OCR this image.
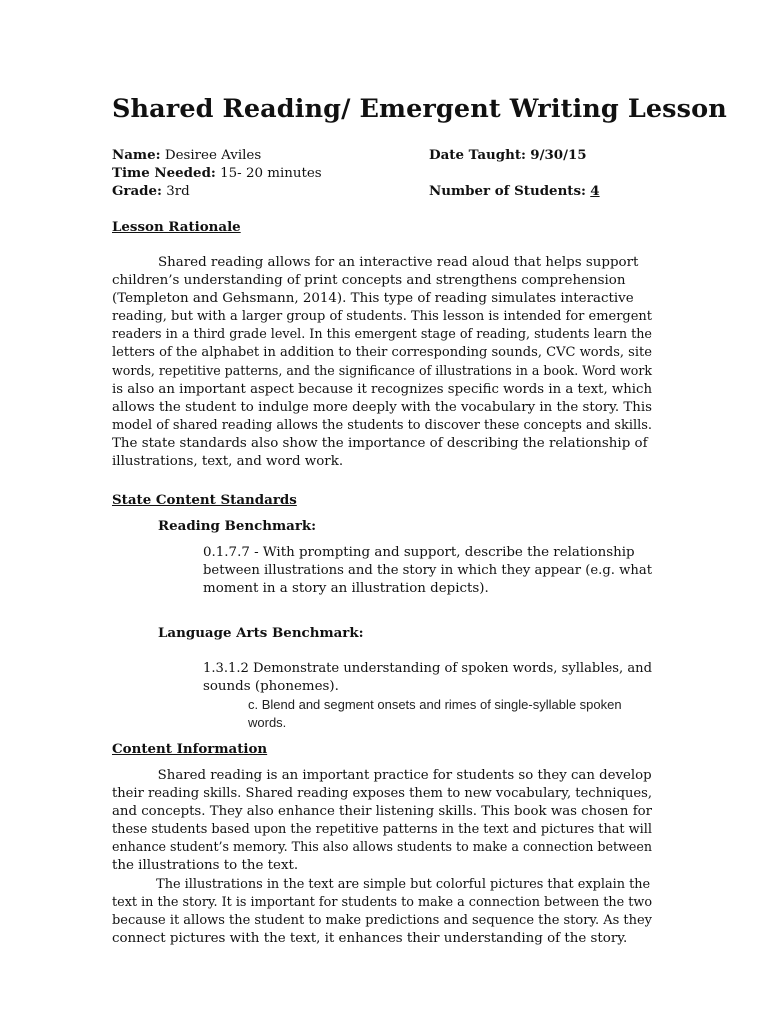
Shared Reading/ Emergent Writing Lesson
Name: Desiree Aviles	Date Taught: 9/30/15
Time Needed: 15- 20 minutes
Grade: 3rd	Number of Students: 4
Lesson Rationale
Shared reading allows for an interactive read aloud that helps support
children’s understanding of print concepts and strengthens comprehension
(Templeton and Gehsmann, 2014). This type of reading simulates interactive
reading, but with a larger group of students. This lesson is intended for emergent
readers in a third grade level. In this emergent stage of reading, students learn the
letters of the alphabet in addition to their corresponding sounds, CVC words, site
words, repetitive patterns, and the significance of illustrations in a book. Word work
is also an important aspect because it recognizes specific words in a text, which
allows the student to indulge more deeply with the vocabulary in the story. This
model of shared reading allows the students to discover these concepts and skills.
The state standards also show the importance of describing the relationship of
illustrations, text, and word work.
State Content Standards
Reading Benchmark:
0.1.7.7 - With prompting and support, describe the relationship
between illustrations and the story in which they appear (e.g. what
moment in a story an illustration depicts).
Language Arts Benchmark:
1.3.1.2 Demonstrate understanding of spoken words, syllables, and
sounds (phonemes).
c. Blend and segment onsets and rimes of single-syllable spoken
words.
Content Information
Shared reading is an important practice for students so they can develop
their reading skills. Shared reading exposes them to new vocabulary, techniques,
and concepts. They also enhance their listening skills. This book was chosen for
these students based upon the repetitive patterns in the text and pictures that will
enhance student’s memory. This also allows students to make a connection between
the illustrations to the text.
The illustrations in the text are simple but colorful pictures that explain the
text in the story. It is important for students to make a connection between the two
because it allows the student to make predictions and sequence the story. As they
connect pictures with the text, it enhances their understanding of the story.
